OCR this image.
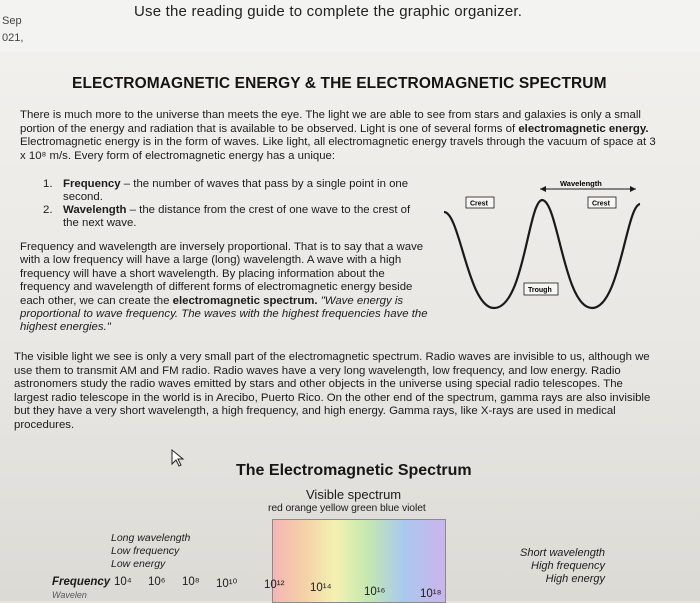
Sep
021,
Use the reading guide to complete the graphic organizer.
ELECTROMAGNETIC ENERGY & THE ELECTROMAGNETIC SPECTRUM
There is much more to the universe than meets the eye. The light we are able to see from stars and galaxies is only a small portion of the energy and radiation that is available to be observed. Light is one of several forms of electromagnetic energy. Electromagnetic energy is in the form of waves. Like light, all electromagnetic energy travels through the vacuum of space at 3 x 10⁸ m/s. Every form of electromagnetic energy has a unique:
1. Frequency – the number of waves that pass by a single point in one second.
2. Wavelength – the distance from the crest of one wave to the crest of the next wave.
Frequency and wavelength are inversely proportional. That is to say that a wave with a low frequency will have a large (long) wavelength. A wave with a high frequency will have a short wavelength. By placing information about the frequency and wavelength of different forms of electromagnetic energy beside each other, we can create the electromagnetic spectrum. "Wave energy is proportional to wave frequency. The waves with the highest frequencies have the highest energies."
Wavelength
Crest	Crest
Trough
The visible light we see is only a very small part of the electromagnetic spectrum. Radio waves are invisible to us, although we use them to transmit AM and FM radio. Radio waves have a very long wavelength, low frequency, and low energy. Radio astronomers study the radio waves emitted by stars and other objects in the universe using special radio telescopes. The largest radio telescope in the world is in Arecibo, Puerto Rico. On the other end of the spectrum, gamma rays are also invisible but they have a very short wavelength, a high frequency, and high energy. Gamma rays, like X-rays are used in medical procedures.
The Electromagnetic Spectrum
Visible spectrum
red orange yellow green blue violet
Long wavelength
Low frequency
Low energy
Short wavelength
High frequency
High energy
Frequency 10⁴ 10⁶ 10⁸ 10¹⁰ 10¹² 10¹⁴	10¹⁶	10¹⁸
Wavelen
